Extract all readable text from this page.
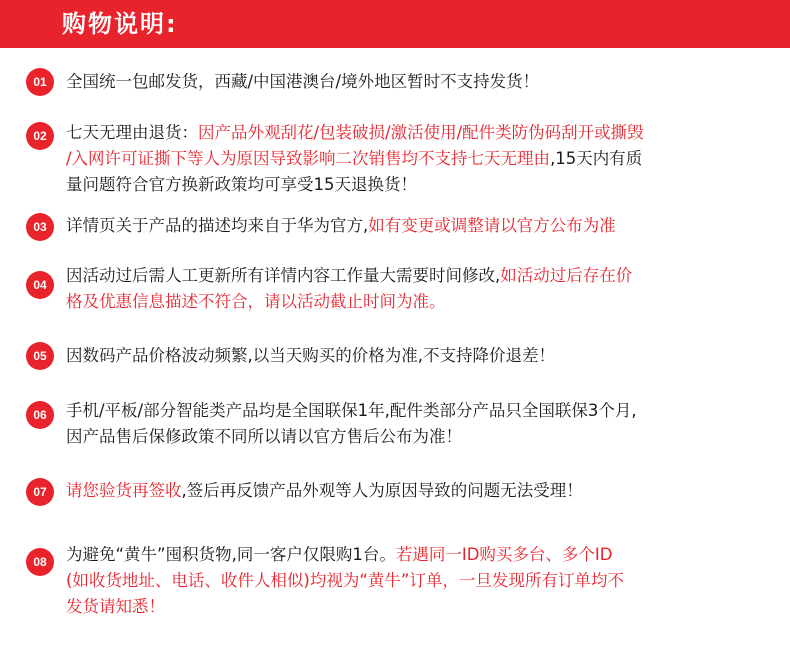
购物说明:
01	全国统一包邮发货，西藏/中国港澳台/境外地区暂时不支持发货！
02	七天无理由退货：因产品外观刮花/包装破损/激活使用/配件类防伪码刮开或撕毁
/入网许可证撕下等人为原因导致影响二次销售均不支持七天无理由,15天内有质
量问题符合官方换新政策均可享受15天退换货！
03	详情页关于产品的描述均来自于华为官方,如有变更或调整请以官方公布为准
04	因活动过后需人工更新所有详情内容工作量大需要时间修改,如活动过后存在价
格及优惠信息描述不符合，请以活动截止时间为准。
05	因数码产品价格波动频繁,以当天购买的价格为准,不支持降价退差！
06	手机/平板/部分智能类产品均是全国联保1年,配件类部分产品只全国联保3个月,
因产品售后保修政策不同所以请以官方售后公布为准！
07	请您验货再签收,签后再反馈产品外观等人为原因导致的问题无法受理！
08	为避免“黄牛”囤积货物,同一客户仅限购1台。若遇同一ID购买多台、多个ID
(如收货地址、电话、收件人相似)均视为“黄牛”订单，一旦发现所有订单均不
发货请知悉！
